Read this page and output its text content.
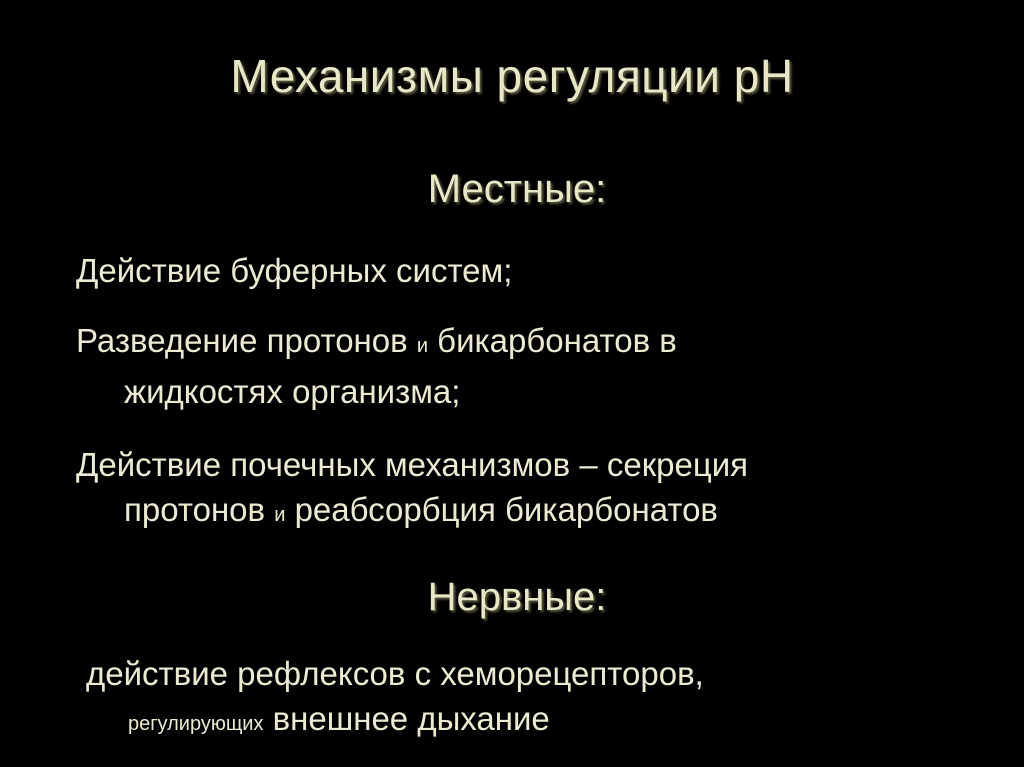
Механизмы регуляции рН
Местные:
Действие буферных систем;
Разведение протонов и бикарбонатов в
жидкостях организма;
Действие почечных механизмов – секреция
протонов и реабсорбция бикарбонатов
Нервные:
действие рефлексов с хеморецепторов,
регулирующих внешнее дыхание
